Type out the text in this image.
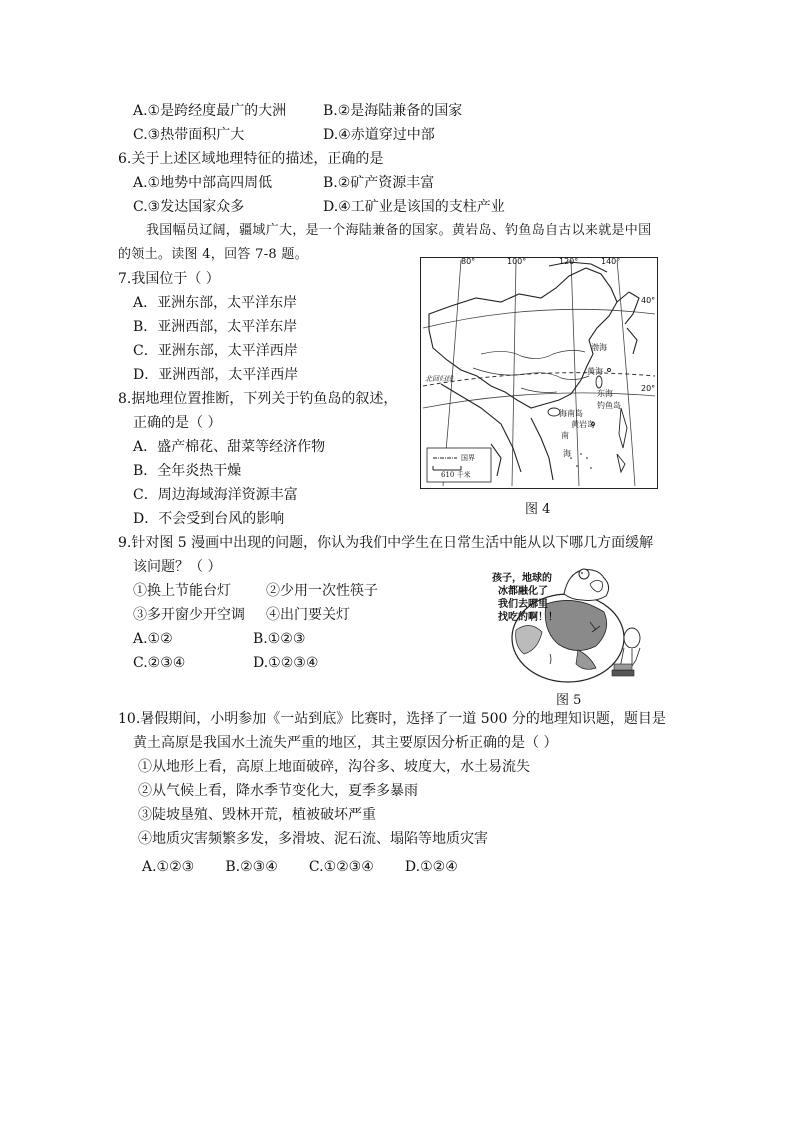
A.①是跨经度最广的大洲	B.②是海陆兼备的国家
C.③热带面积广大	D.④赤道穿过中部
6.关于上述区域地理特征的描述，正确的是
A.①地势中部高四周低	B.②矿产资源丰富
C.③发达国家众多	D.④工矿业是该国的支柱产业
我国幅员辽阔，疆域广大，是一个海陆兼备的国家。黄岩岛、钓鱼岛自古以来就是中国
的领土。读图 4，回答 7-8 题。
7.我国位于（ ）
A．亚洲东部，太平洋东岸
B．亚洲西部，太平洋东岸
C．亚洲东部，太平洋西岸
D．亚洲西部，太平洋西岸
8.据地理位置推断，下列关于钓鱼岛的叙述，
正确的是（ ）
A．盛产棉花、甜菜等经济作物
B．全年炎热干燥
C．周边海域海洋资源丰富
D．不会受到台风的影响
80°	100°	120°	140°
40°
20°
渤海
黄海
东海
钓鱼岛
海南岛
黄岩岛
南
海
北回归线
国界
610 千米
图 4
9.针对图 5 漫画中出现的问题，你认为我们中学生在日常生活中能从以下哪几方面缓解
该问题？（ ）
①换上节能台灯	②少用一次性筷子
③多开窗少开空调 ④出门要关灯
A.①②	B.①②③
C.②③④	D.①②③④
孩子，地球的
冰都融化了
我们去哪里
找吃的啊！！
图 5
10.暑假期间，小明参加《一站到底》比赛时，选择了一道 500 分的地理知识题，题目是
黄土高原是我国水土流失严重的地区，其主要原因分析正确的是（ ）
①从地形上看，高原上地面破碎，沟谷多、坡度大，水土易流失
②从气候上看，降水季节变化大，夏季多暴雨
③陡坡垦殖、毁林开荒，植被破坏严重
④地质灾害频繁多发，多滑坡、泥石流、塌陷等地质灾害
A.①②③       B.②③④       C.①②③④       D.①②④
